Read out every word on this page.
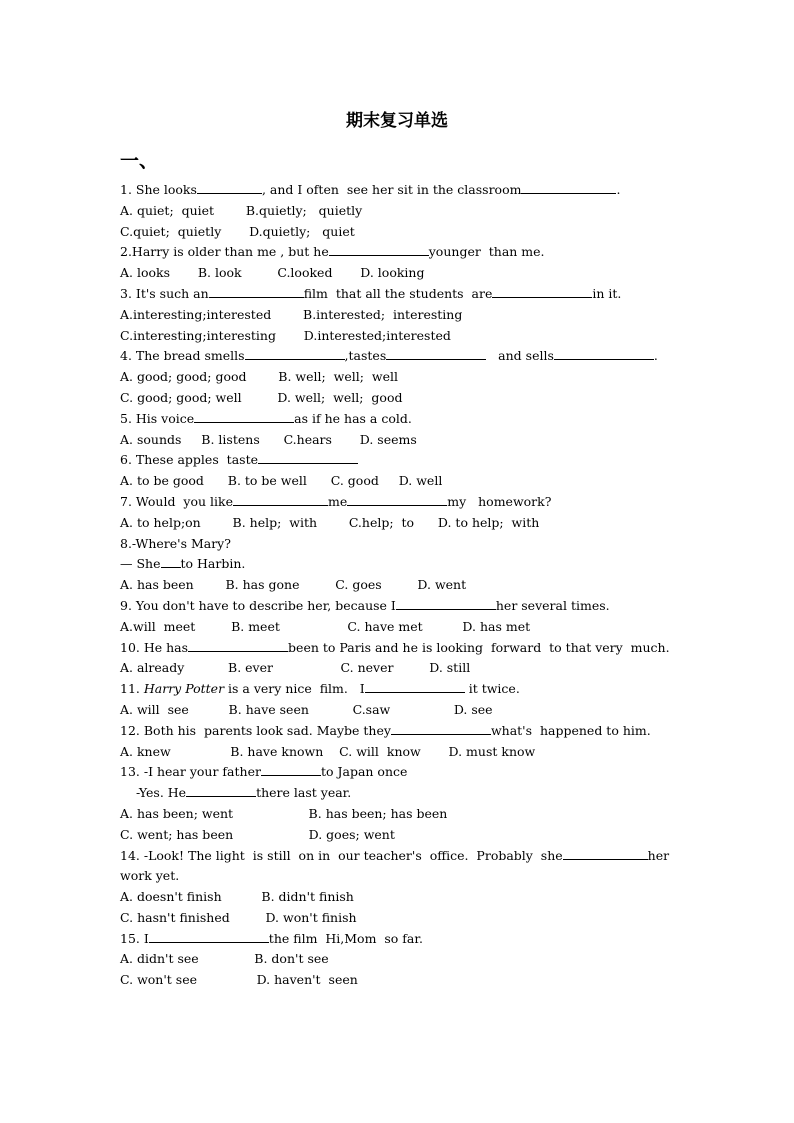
期末复习单选
一、
1. She looks	, and I often  see her sit in the classroom	.
A. quiet;  quiet        B.quietly;   quietly
C.quiet;  quietly       D.quietly;   quiet
2.Harry is older than me , but he	younger  than me.
A. looks       B. look         C.looked       D. looking
3. It's such an	film  that all the students  are	in it.
A.interesting;interested        B.interested;  interesting
C.interesting;interesting       D.interested;interested
4. The bread smells	,tastes	and sells	.
A. good; good; good        B. well;  well;  well
C. good; good; well         D. well;  well;  good
5. His voice	as if he has a cold.
A. sounds     B. listens      C.hears       D. seems
6. These apples  taste
A. to be good      B. to be well      C. good     D. well
7. Would  you like	me	my   homework?
A. to help;on        B. help;  with        C.help;  to      D. to help;  with
8.-Where's Mary?
— She to Harbin.
A. has been        B. has gone         C. goes         D. went
9. You don't have to describe her, because I	her several times.
A.will  meet         B. meet                 C. have met          D. has met
10. He has	been to Paris and he is looking  forward  to that very  much.
A. already           B. ever                 C. never         D. still
11. Harry Potter is a very nice  film.   I	it twice.
A. will  see          B. have seen           C.saw                D. see
12. Both his  parents look sad. Maybe they	what's  happened to him.
A. knew               B. have known    C. will  know       D. must know
13. -I hear your father	to Japan once
-Yes. He	there last year.
A. has been; went                   B. has been; has been
C. went; has been                   D. goes; went
14. -Look! The light  is still  on in  our teacher's  office.  Probably  she	her
work yet.
A. doesn't finish          B. didn't finish
C. hasn't finished         D. won't finish
15. I	the film  Hi,Mom  so far.
A. didn't see              B. don't see
C. won't see               D. haven't  seen
